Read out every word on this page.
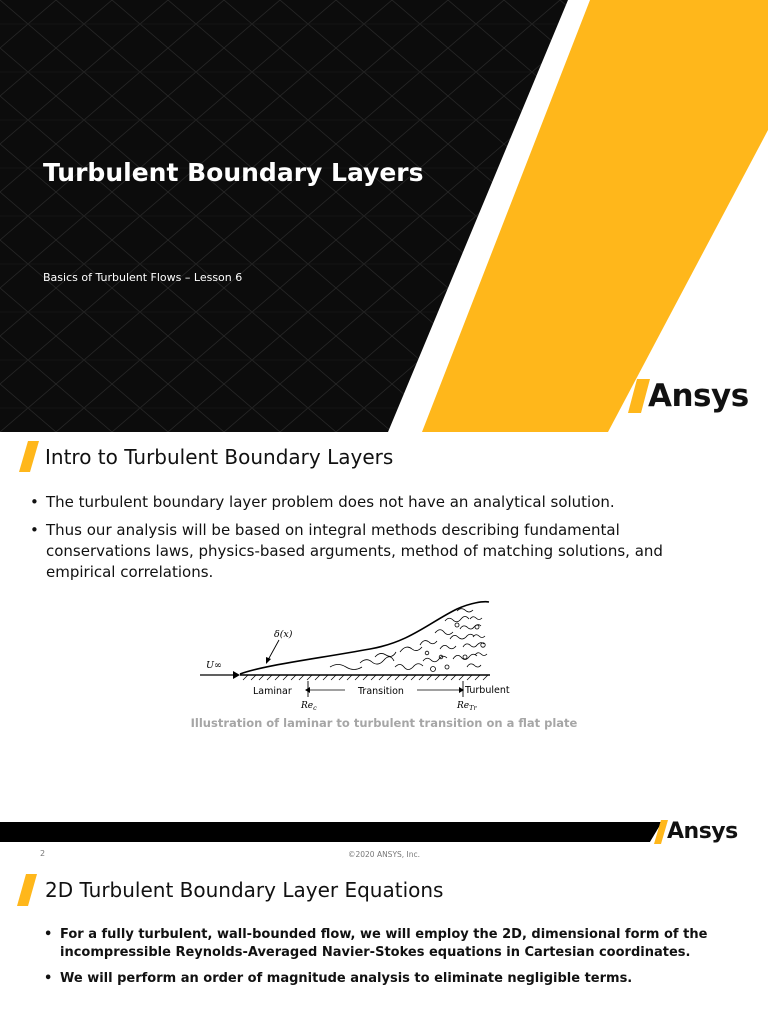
Turbulent Boundary Layers
Basics of Turbulent Flows – Lesson 6
Ansys
Intro to Turbulent Boundary Layers
• The turbulent boundary layer problem does not have an analytical solution.
• Thus our analysis will be based on integral methods describing fundamental conservations laws, physics-based arguments, method of matching solutions, and empirical correlations.
U∞
δ(x)
Laminar	Transition	Turbulent
$Re_c$	$Re_{Tr}$
Illustration of laminar to turbulent transition on a flat plate
Ansys
2	©2020 ANSYS, Inc.
2D Turbulent Boundary Layer Equations
• For a fully turbulent, wall-bounded flow, we will employ the 2D, dimensional form of the incompressible Reynolds-Averaged Navier-Stokes equations in Cartesian coordinates.
• We will perform an order of magnitude analysis to eliminate negligible terms.
